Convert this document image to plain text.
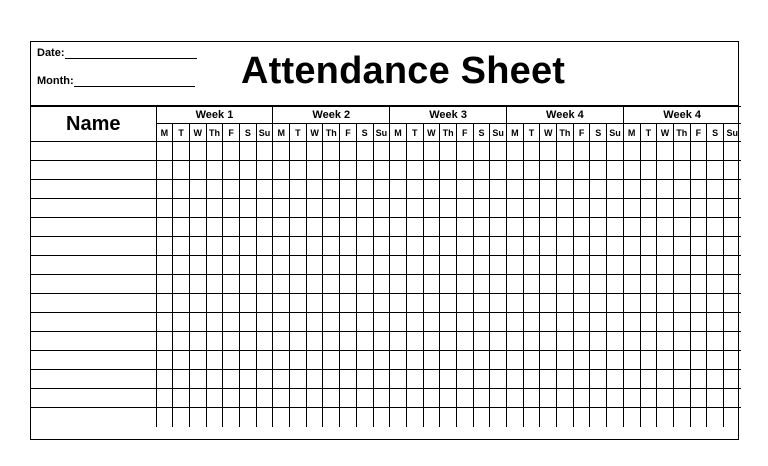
Date:
Month:	Attendance Sheet
Name	Week 1							Week 2							Week 3							Week 4							Week 4						
	M	T	W	Th	F	S	Su	M	T	W	Th	F	S	Su	M	T	W	Th	F	S	Su	M	T	W	Th	F	S	Su	M	T	W	Th	F	S	Su
